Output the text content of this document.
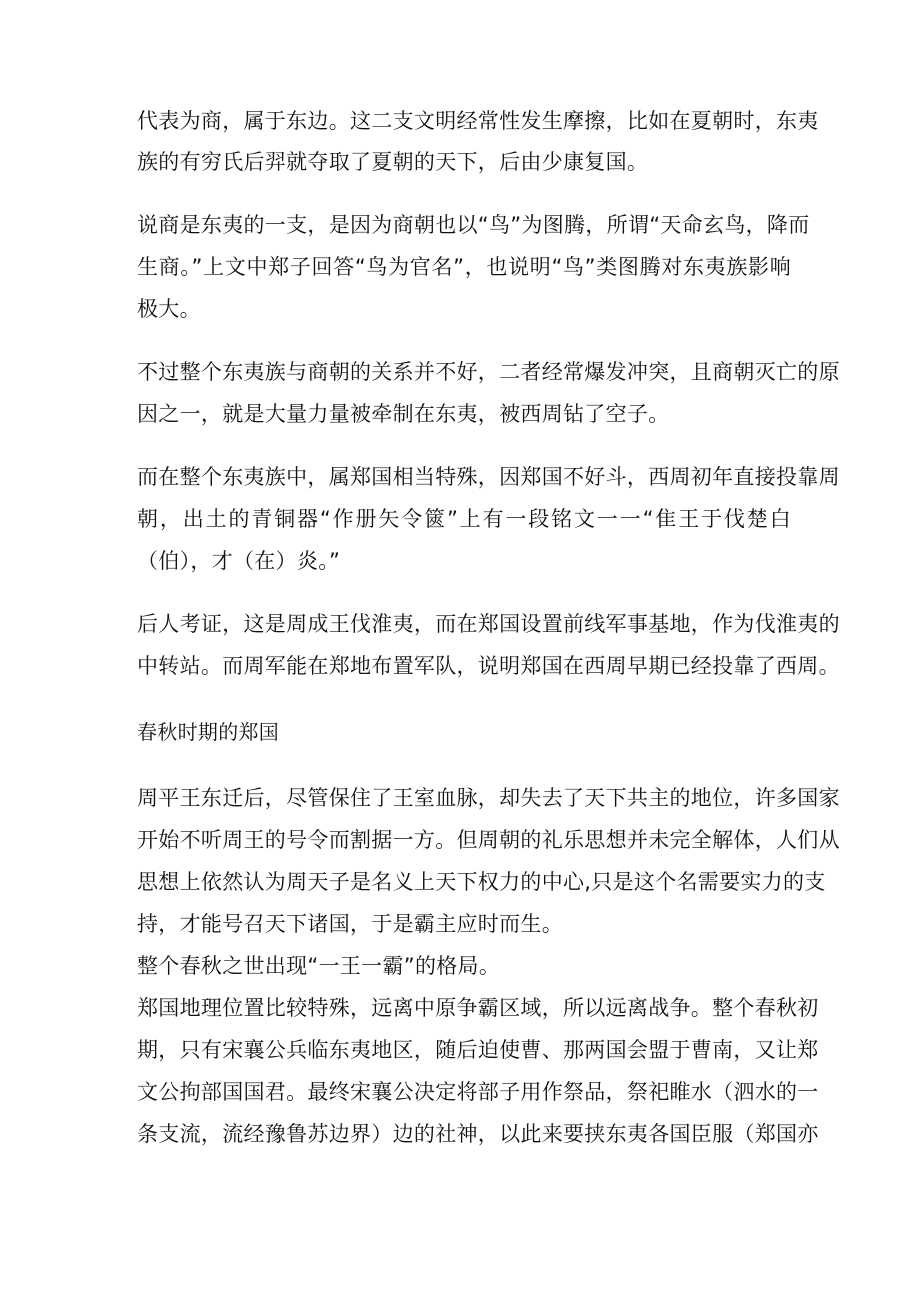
代表为商，属于东边。这二支文明经常性发生摩擦，比如在夏朝时，东夷

族的有穷氏后羿就夺取了夏朝的天下，后由少康复国。

说商是东夷的一支，是因为商朝也以“鸟”为图腾，所谓“天命玄鸟，降而

生商。”上文中郑子回答“鸟为官名”，也说明“鸟”类图腾对东夷族影响

极大。

不过整个东夷族与商朝的关系并不好，二者经常爆发冲突，且商朝灭亡的原

因之一，就是大量力量被牵制在东夷，被西周钻了空子。

而在整个东夷族中，属郑国相当特殊，因郑国不好斗，西周初年直接投靠周

朝，出土的青铜器“作册矢令篋”上有一段铭文一一“隹王于伐楚白

（伯），才（在）炎。”

后人考证，这是周成王伐淮夷，而在郑国设置前线军事基地，作为伐淮夷的

中转站。而周军能在郑地布置军队，说明郑国在西周早期已经投靠了西周。

春秋时期的郑国

周平王东迁后，尽管保住了王室血脉，却失去了天下共主的地位，许多国家

开始不听周王的号令而割据一方。但周朝的礼乐思想并未完全解体，人们从

思想上依然认为周天子是名义上天下权力的中心,只是这个名需要实力的支

持，才能号召天下诸国，于是霸主应时而生。

整个春秋之世出现“一王一霸”的格局。

郑国地理位置比较特殊，远离中原争霸区域，所以远离战争。整个春秋初

期，只有宋襄公兵临东夷地区，随后迫使曹、那两国会盟于曹南，又让郑

文公拘部国国君。最终宋襄公决定将部子用作祭品，祭祀睢水（泗水的一

条支流，流经豫鲁苏边界）边的社神，以此来要挟东夷各国臣服（郑国亦
